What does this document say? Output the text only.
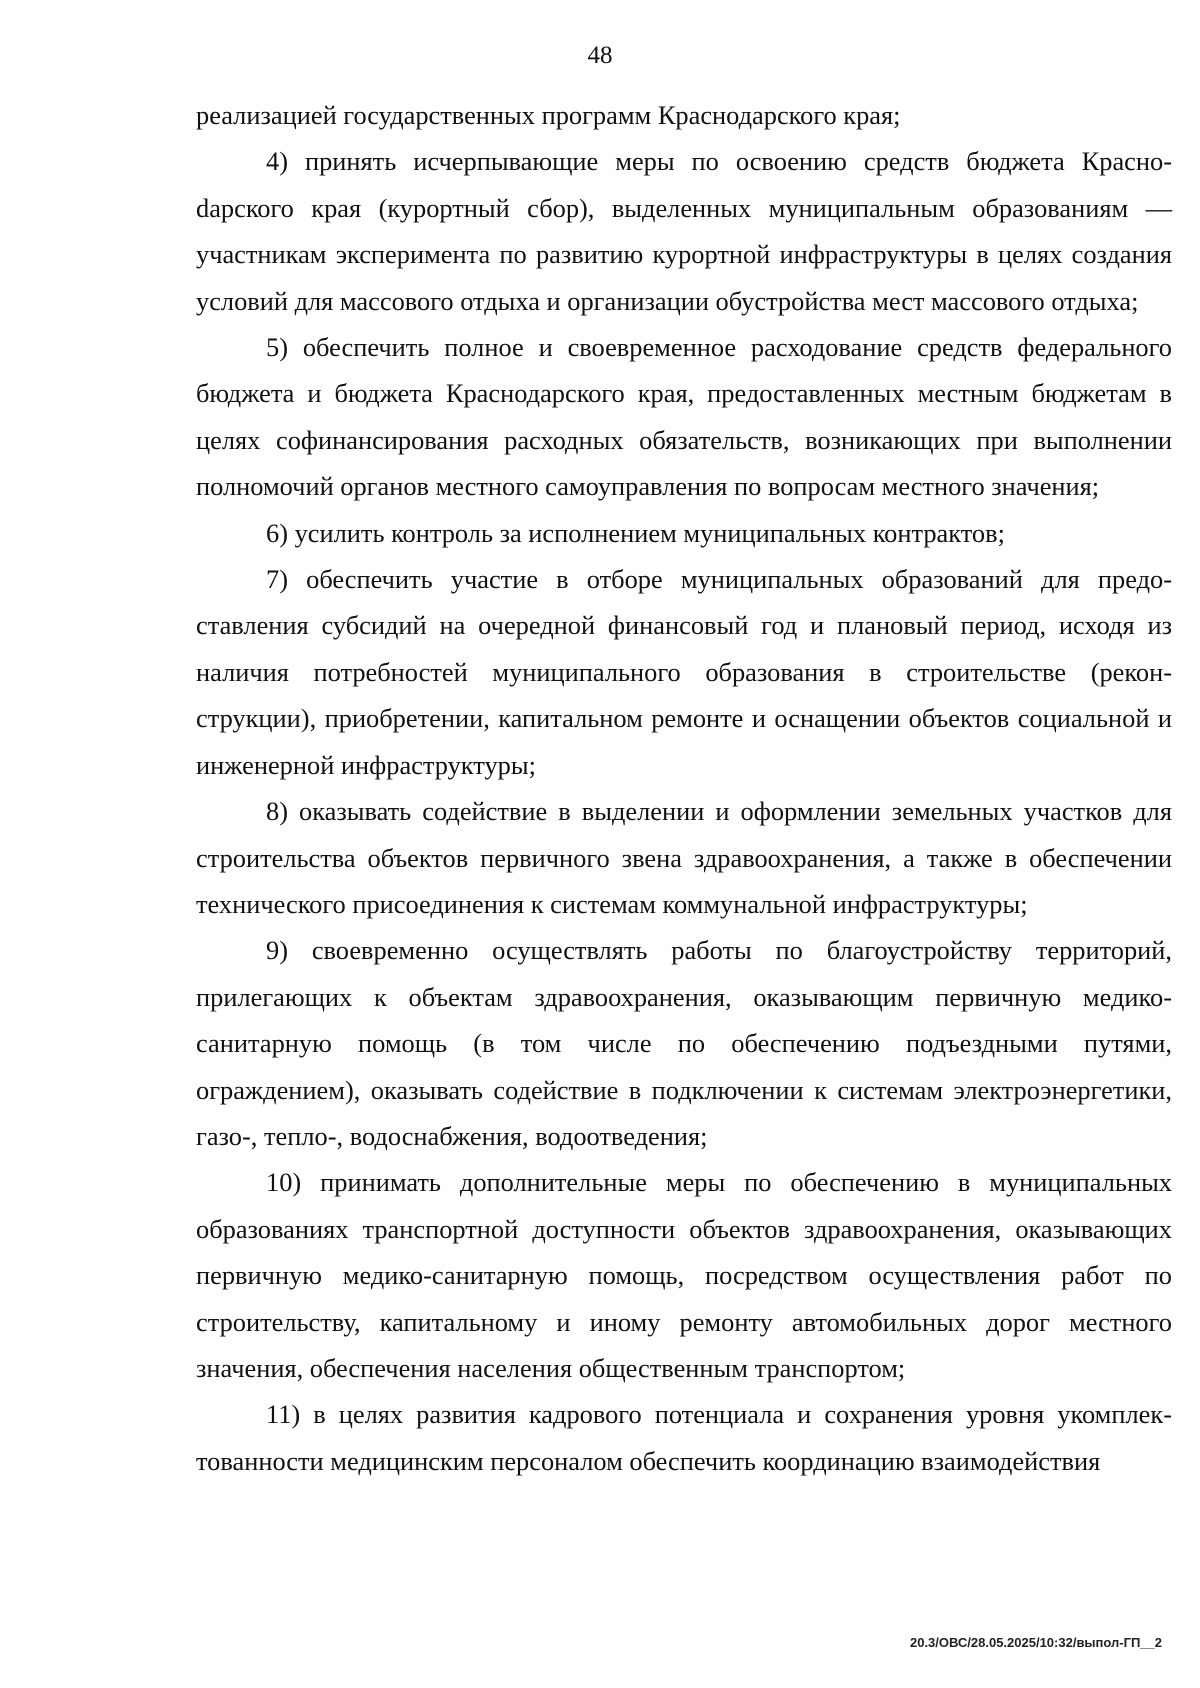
48

реализацией государственных программ Краснодарского края;

4) принять исчерпывающие меры по освоению средств бюджета Красноdарского края (курортный сбор), выделенных муниципальным образованиям — участникам эксперимента по развитию курортной инфраструктуры в целях создания условий для массового отдыха и организации обустройства мест массового отдыха;

5) обеспечить полное и своевременное расходование средств федерального бюджета и бюджета Краснодарского края, предоставленных местным бюджетам в целях софинансирования расходных обязательств, возникающих при выполнении полномочий органов местного самоуправления по вопросам местного значения;

6) усилить контроль за исполнением муниципальных контрактов;

7) обеспечить участие в отборе муниципальных образований для предоставления субсидий на очередной финансовый год и плановый период, исходя из наличия потребностей муниципального образования в строительстве (реконструкции), приобретении, капитальном ремонте и оснащении объектов социальной и инженерной инфраструктуры;

8) оказывать содействие в выделении и оформлении земельных участков для строительства объектов первичного звена здравоохранения, а также в обеспечении технического присоединения к системам коммунальной инфраструктуры;

9) своевременно осуществлять работы по благоустройству территорий, прилегающих к объектам здравоохранения, оказывающим первичную медико-санитарную помощь (в том числе по обеспечению подъездными путями, ограждением), оказывать содействие в подключении к системам электроэнергетики, газо-, тепло-, водоснабжения, водоотведения;

10) принимать дополнительные меры по обеспечению в муниципальных образованиях транспортной доступности объектов здравоохранения, оказывающих первичную медико-санитарную помощь, посредством осуществления работ по строительству, капитальному и иному ремонту автомобильных дорог местного значения, обеспечения населения общественным транспортом;

11) в целях развития кадрового потенциала и сохранения уровня укомплектованности медицинским персоналом обеспечить координацию взаимодействия

20.3/ОВС/28.05.2025/10:32/выпол-ГП__2
